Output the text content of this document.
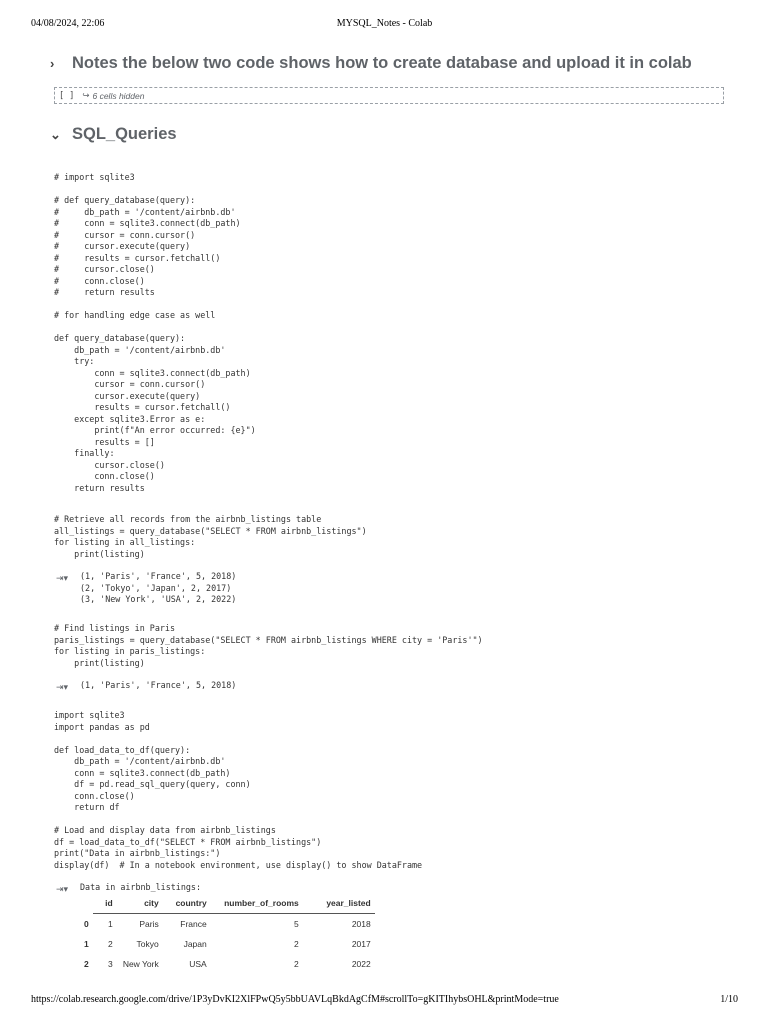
04/08/2024, 22:06	MYSQL_Notes - Colab
›	Notes the below two code shows how to create database and upload it in colab
[ ] ↪ 6 cells hidden
⌄ SQL_Queries
# import sqlite3

# def query_database(query):
#     db_path = '/content/airbnb.db'
#     conn = sqlite3.connect(db_path)
#     cursor = conn.cursor()
#     cursor.execute(query)
#     results = cursor.fetchall()
#     cursor.close()
#     conn.close()
#     return results

# for handling edge case as well

def query_database(query):
db_path = '/content/airbnb.db'
try:
conn = sqlite3.connect(db_path)
cursor = conn.cursor()
cursor.execute(query)
results = cursor.fetchall()
except sqlite3.Error as e:
print(f"An error occurred: {e}")
results = []
finally:
cursor.close()
conn.close()
return results
# Retrieve all records from the airbnb_listings table
all_listings = query_database("SELECT * FROM airbnb_listings")
for listing in all_listings:
print(listing)
⇥▾ (1, 'Paris', 'France', 5, 2018)
(2, 'Tokyo', 'Japan', 2, 2017)
(3, 'New York', 'USA', 2, 2022)
# Find listings in Paris
paris_listings = query_database("SELECT * FROM airbnb_listings WHERE city = 'Paris'")
for listing in paris_listings:
print(listing)
⇥▾ (1, 'Paris', 'France', 5, 2018)
import sqlite3
import pandas as pd

def load_data_to_df(query):
db_path = '/content/airbnb.db'
conn = sqlite3.connect(db_path)
df = pd.read_sql_query(query, conn)
conn.close()
return df

# Load and display data from airbnb_listings
df = load_data_to_df("SELECT * FROM airbnb_listings")
print("Data in airbnb_listings:")
display(df)  # In a notebook environment, use display() to show DataFrame
⇥▾ Data in airbnb_listings:
	id	city	country	number_of_rooms	year_listed
0	1	Paris	France	5	2018
1	2	Tokyo	Japan	2	2017
2	3	New York	USA	2	2022
https://colab.research.google.com/drive/1P3yDvKI2XlFPwQ5y5bbUAVLqBkdAgCfM#scrollTo=gKITIhybsOHL&printMode=true	1/10
